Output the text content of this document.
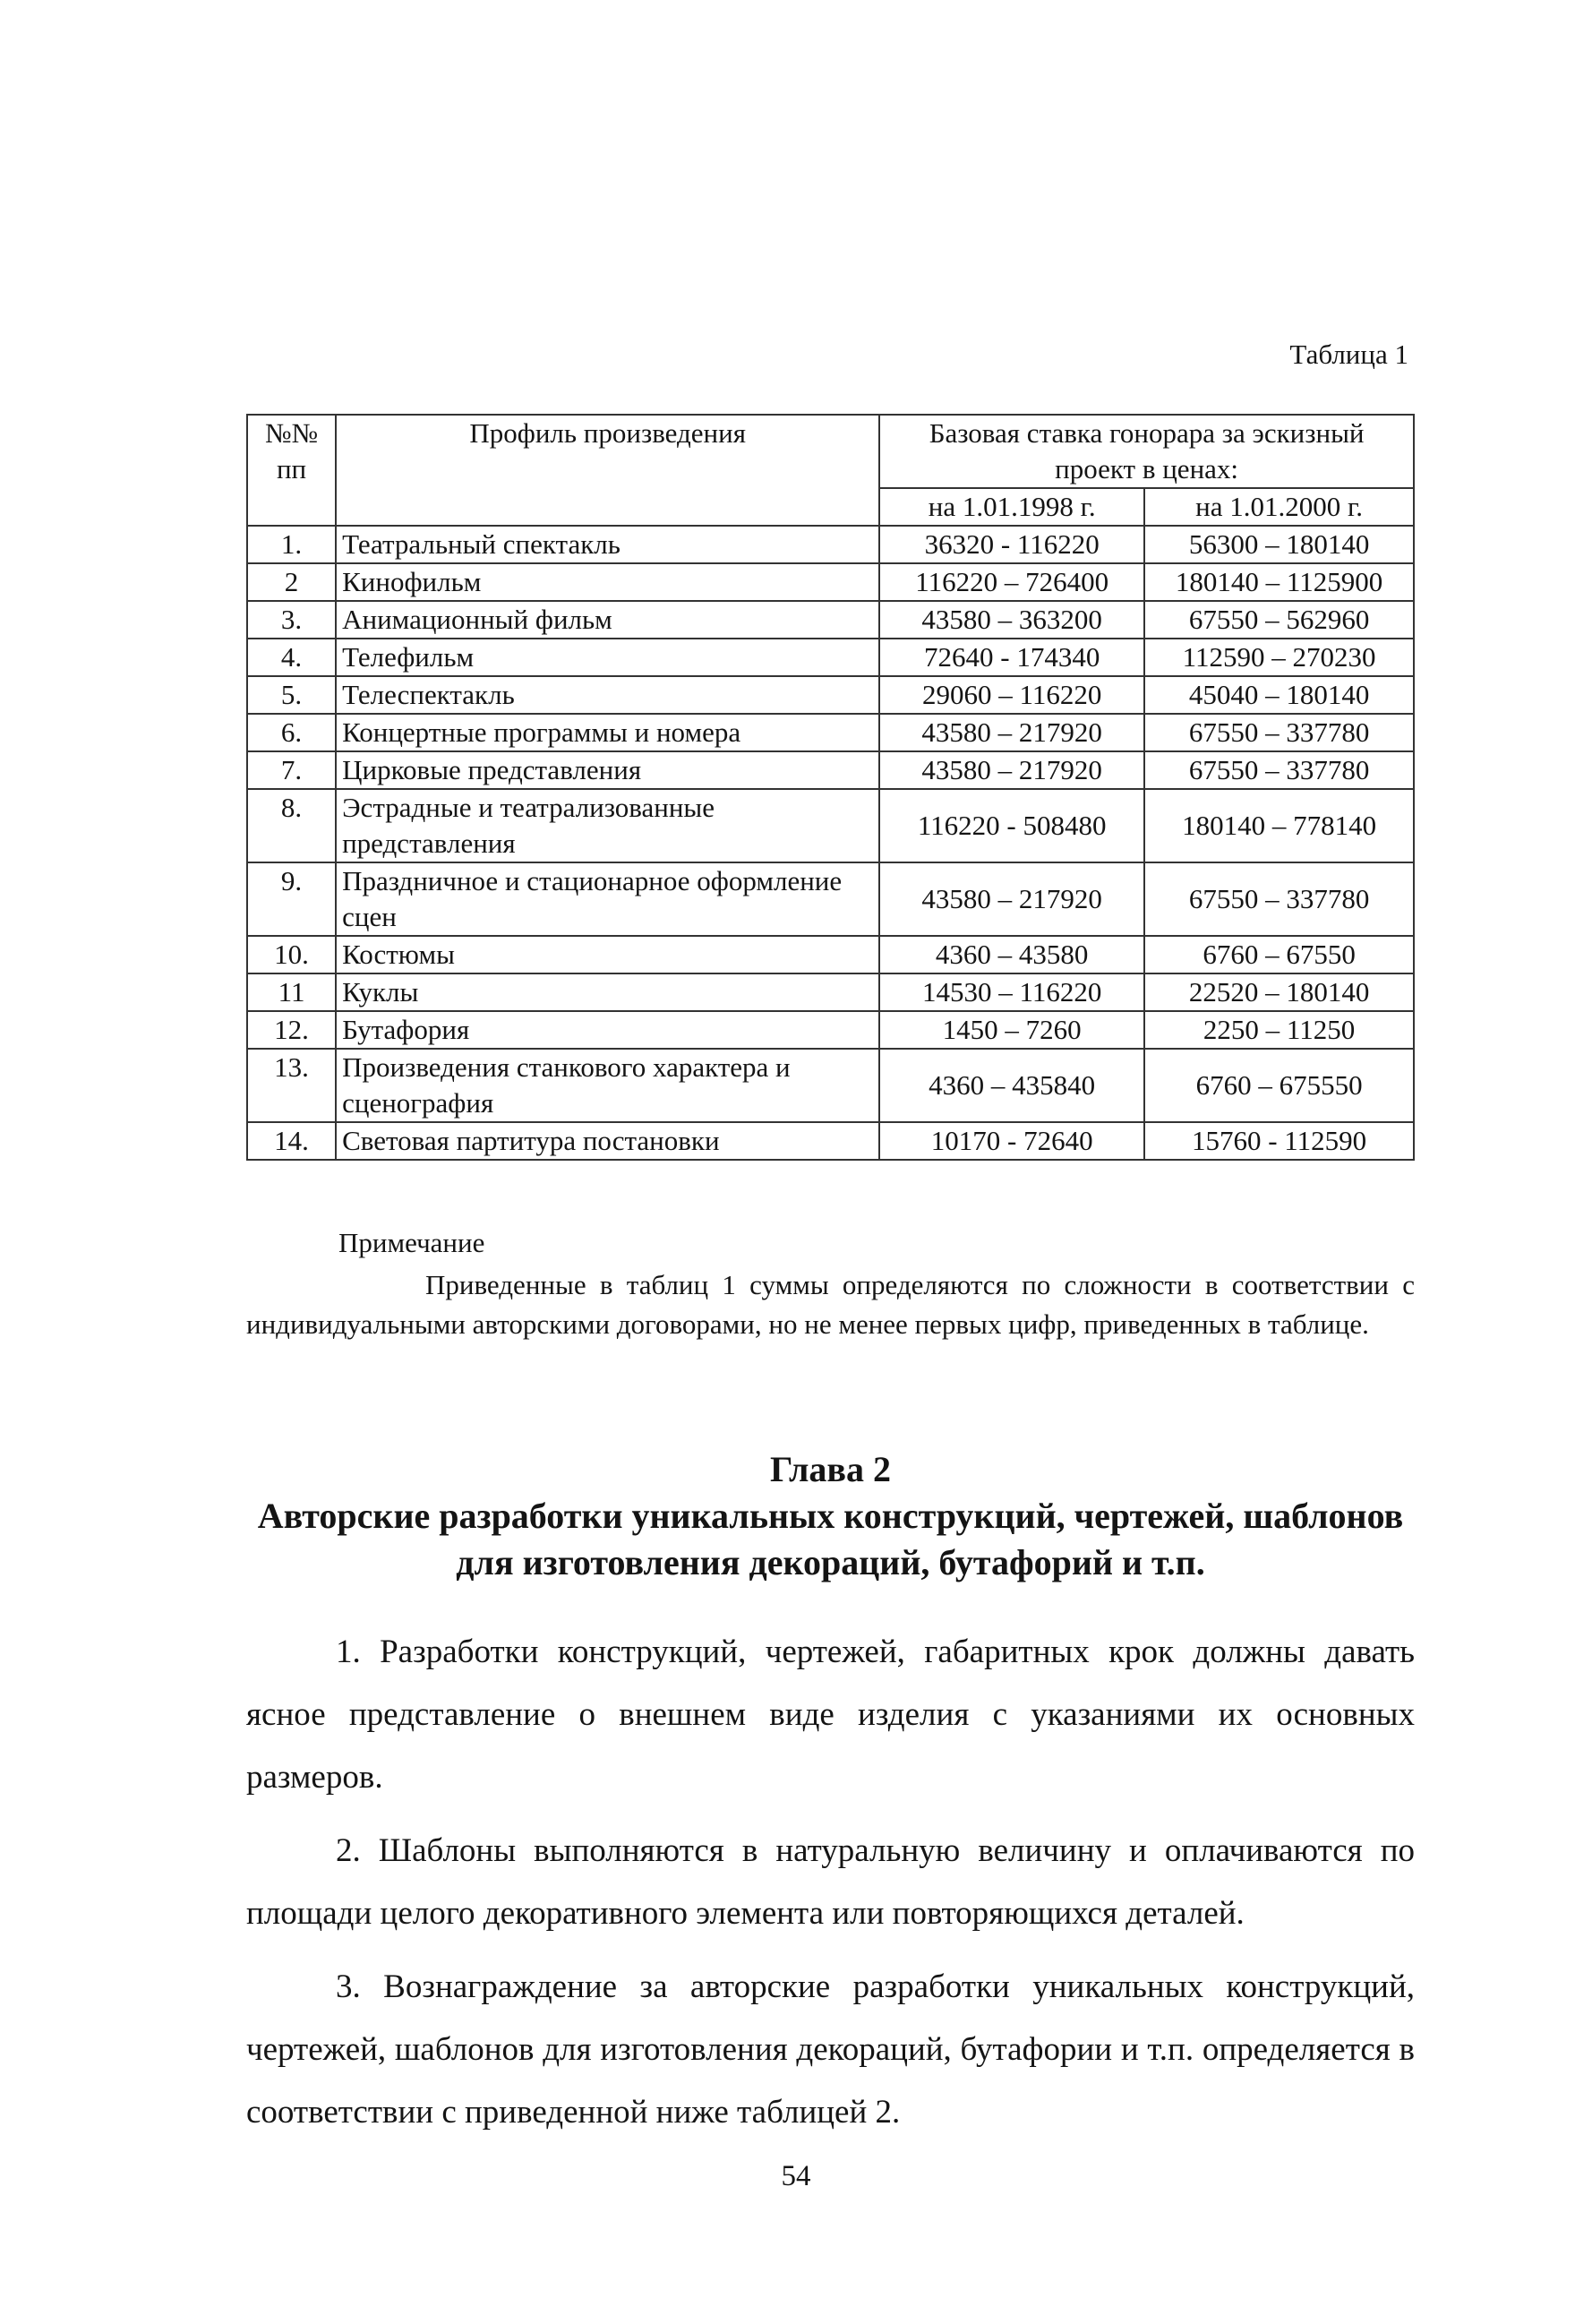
Таблица 1
№№ пп	Профиль произведения	Базовая ставка гонорара за эскизный проект в ценах:	
		на 1.01.1998 г.	на 1.01.2000 г.
1.	Театральный спектакль	36320 - 116220	56300 – 180140
2	Кинофильм	116220 – 726400	180140 – 1125900
3.	Анимационный фильм	43580 – 363200	67550 – 562960
4.	Телефильм	72640 - 174340	112590 – 270230
5.	Телеспектакль	29060 – 116220	45040 – 180140
6.	Концертные программы и номера	43580 – 217920	67550 – 337780
7.	Цирковые представления	43580 – 217920	67550 – 337780
8.	Эстрадные и театрализованные представления	116220 - 508480	180140 – 778140
9.	Праздничное и стационарное оформление сцен	43580 – 217920	67550 – 337780
10.	Костюмы	4360 – 43580	6760 – 67550
11	Куклы	14530 – 116220	22520 – 180140
12.	Бутафория	1450 – 7260	2250 – 11250
13.	Произведения станкового характера и сценография	4360 – 435840	6760 – 675550
14.	Световая партитура постановки	10170 - 72640	15760 - 112590
Примечание
Приведенные в таблиц 1 суммы определяются по сложности в соответствии с индивидуальными авторскими договорами, но не менее первых цифр, приведенных в таблице.
Глава 2
Авторские разработки уникальных конструкций, чертежей, шаблонов для изготовления декораций, бутафорий и т.п.

1. Разработки конструкций, чертежей, габаритных крок должны давать ясное представление о внешнем виде изделия с указаниями их основных размеров.

2. Шаблоны выполняются в натуральную величину и оплачиваются по площади целого декоративного элемента или повторяющихся деталей.

3. Вознаграждение за авторские разработки уникальных конструкций, чертежей, шаблонов для изготовления декораций, бутафории и т.п. определяется в соответствии с приведенной ниже таблицей 2.

54
